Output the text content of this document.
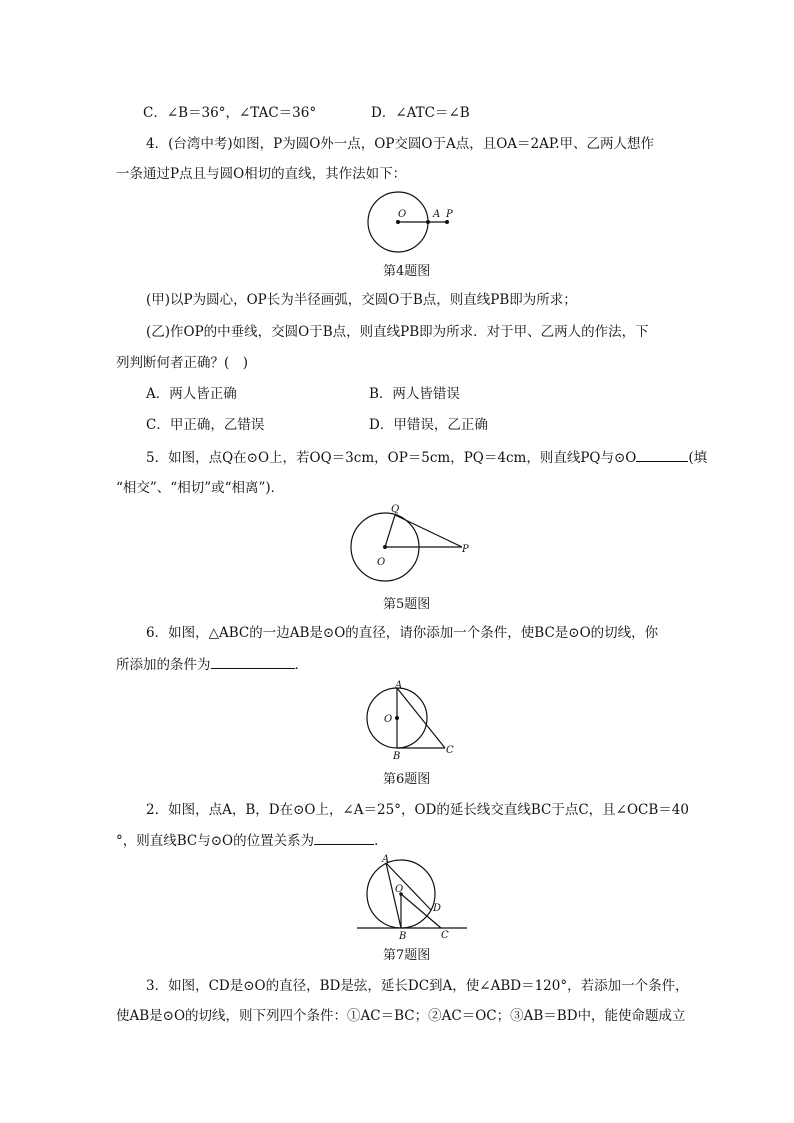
C．∠B＝36°，∠TAC＝36°	D．∠ATC＝∠B
4．(台湾中考)如图，P为圆O外一点，OP交圆O于A点，且OA＝2AP.甲、乙两人想作
一条通过P点且与圆O相切的直线，其作法如下：
O	A P
第4题图
(甲)以P为圆心，OP长为半径画弧，交圆O于B点，则直线PB即为所求；
(乙)作OP的中垂线，交圆O于B点，则直线PB即为所求．对于甲、乙两人的作法，下
列判断何者正确？(　)
A．两人皆正确	B．两人皆错误
C．甲正确，乙错误	D．甲错误，乙正确
5．如图，点Q在⊙O上，若OQ＝3cm，OP＝5cm，PQ＝4cm，则直线PQ与⊙O	(填
“相交”、“相切”或“相离”)．
Q
O
P
第5题图
6．如图，△ABC的一边AB是⊙O的直径，请你添加一个条件，使BC是⊙O的切线，你
所添加的条件为	．
A
O
B
C
第6题图
2．如图，点A，B，D在⊙O上，∠A＝25°，OD的延长线交直线BC于点C，且∠OCB＝40
°，则直线BC与⊙O的位置关系为	．
A
O
D
B	C
第7题图
3．如图，CD是⊙O的直径，BD是弦，延长DC到A，使∠ABD＝120°，若添加一个条件，
使AB是⊙O的切线，则下列四个条件：①AC＝BC；②AC＝OC；③AB＝BD中，能使命题成立
